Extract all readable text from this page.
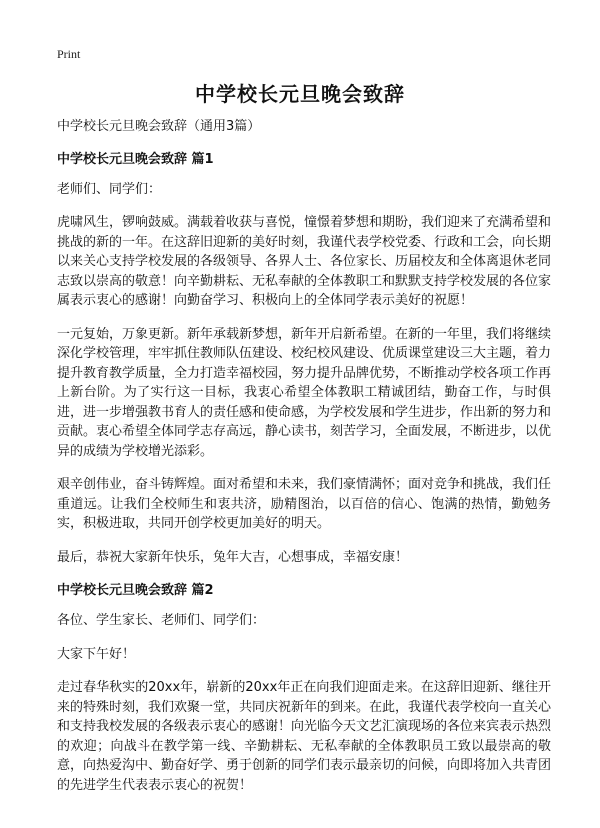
Print
中学校长元旦晚会致辞

中学校长元旦晚会致辞（通用3篇）

中学校长元旦晚会致辞 篇1

老师们、同学们：

虎啸风生，锣响鼓威。满载着收获与喜悦，憧憬着梦想和期盼，我们迎来了充满希望和挑战的新的一年。在这辞旧迎新的美好时刻，我谨代表学校党委、行政和工会，向长期以来关心支持学校发展的各级领导、各界人士、各位家长、历届校友和全体离退休老同志致以崇高的敬意！向辛勤耕耘、无私奉献的全体教职工和默默支持学校发展的各位家属表示衷心的感谢！向勤奋学习、积极向上的全体同学表示美好的祝愿！

一元复始，万象更新。新年承载新梦想，新年开启新希望。在新的一年里，我们将继续深化学校管理，牢牢抓住教师队伍建设、校纪校风建设、优质课堂建设三大主题，着力提升教育教学质量，全力打造幸福校园，努力提升品牌优势，不断推动学校各项工作再上新台阶。为了实行这一目标，我衷心希望全体教职工精诚团结，勤奋工作，与时俱进，进一步增强教书育人的责任感和使命感，为学校发展和学生进步，作出新的努力和贡献。衷心希望全体同学志存高远，静心读书，刻苦学习，全面发展，不断进步，以优异的成绩为学校增光添彩。

艰辛创伟业，奋斗铸辉煌。面对希望和未来，我们豪情满怀；面对竞争和挑战，我们任重道远。让我们全校师生和衷共济，励精图治，以百倍的信心、饱满的热情，勤勉务实，积极进取，共同开创学校更加美好的明天。

最后，恭祝大家新年快乐，兔年大吉，心想事成，幸福安康！

中学校长元旦晚会致辞 篇2

各位、学生家长、老师们、同学们：

大家下午好！

走过春华秋实的20xx年，崭新的20xx年正在向我们迎面走来。在这辞旧迎新、继往开来的特殊时刻，我们欢聚一堂，共同庆祝新年的到来。在此，我谨代表学校向一直关心和支持我校发展的各级表示衷心的感谢！向光临今天文艺汇演现场的各位来宾表示热烈的欢迎；向战斗在教学第一线、辛勤耕耘、无私奉献的全体教职员工致以最崇高的敬意，向热爱沟中、勤奋好学、勇于创新的同学们表示最亲切的问候，向即将加入共青团的先进学生代表表示衷心的祝贺！
